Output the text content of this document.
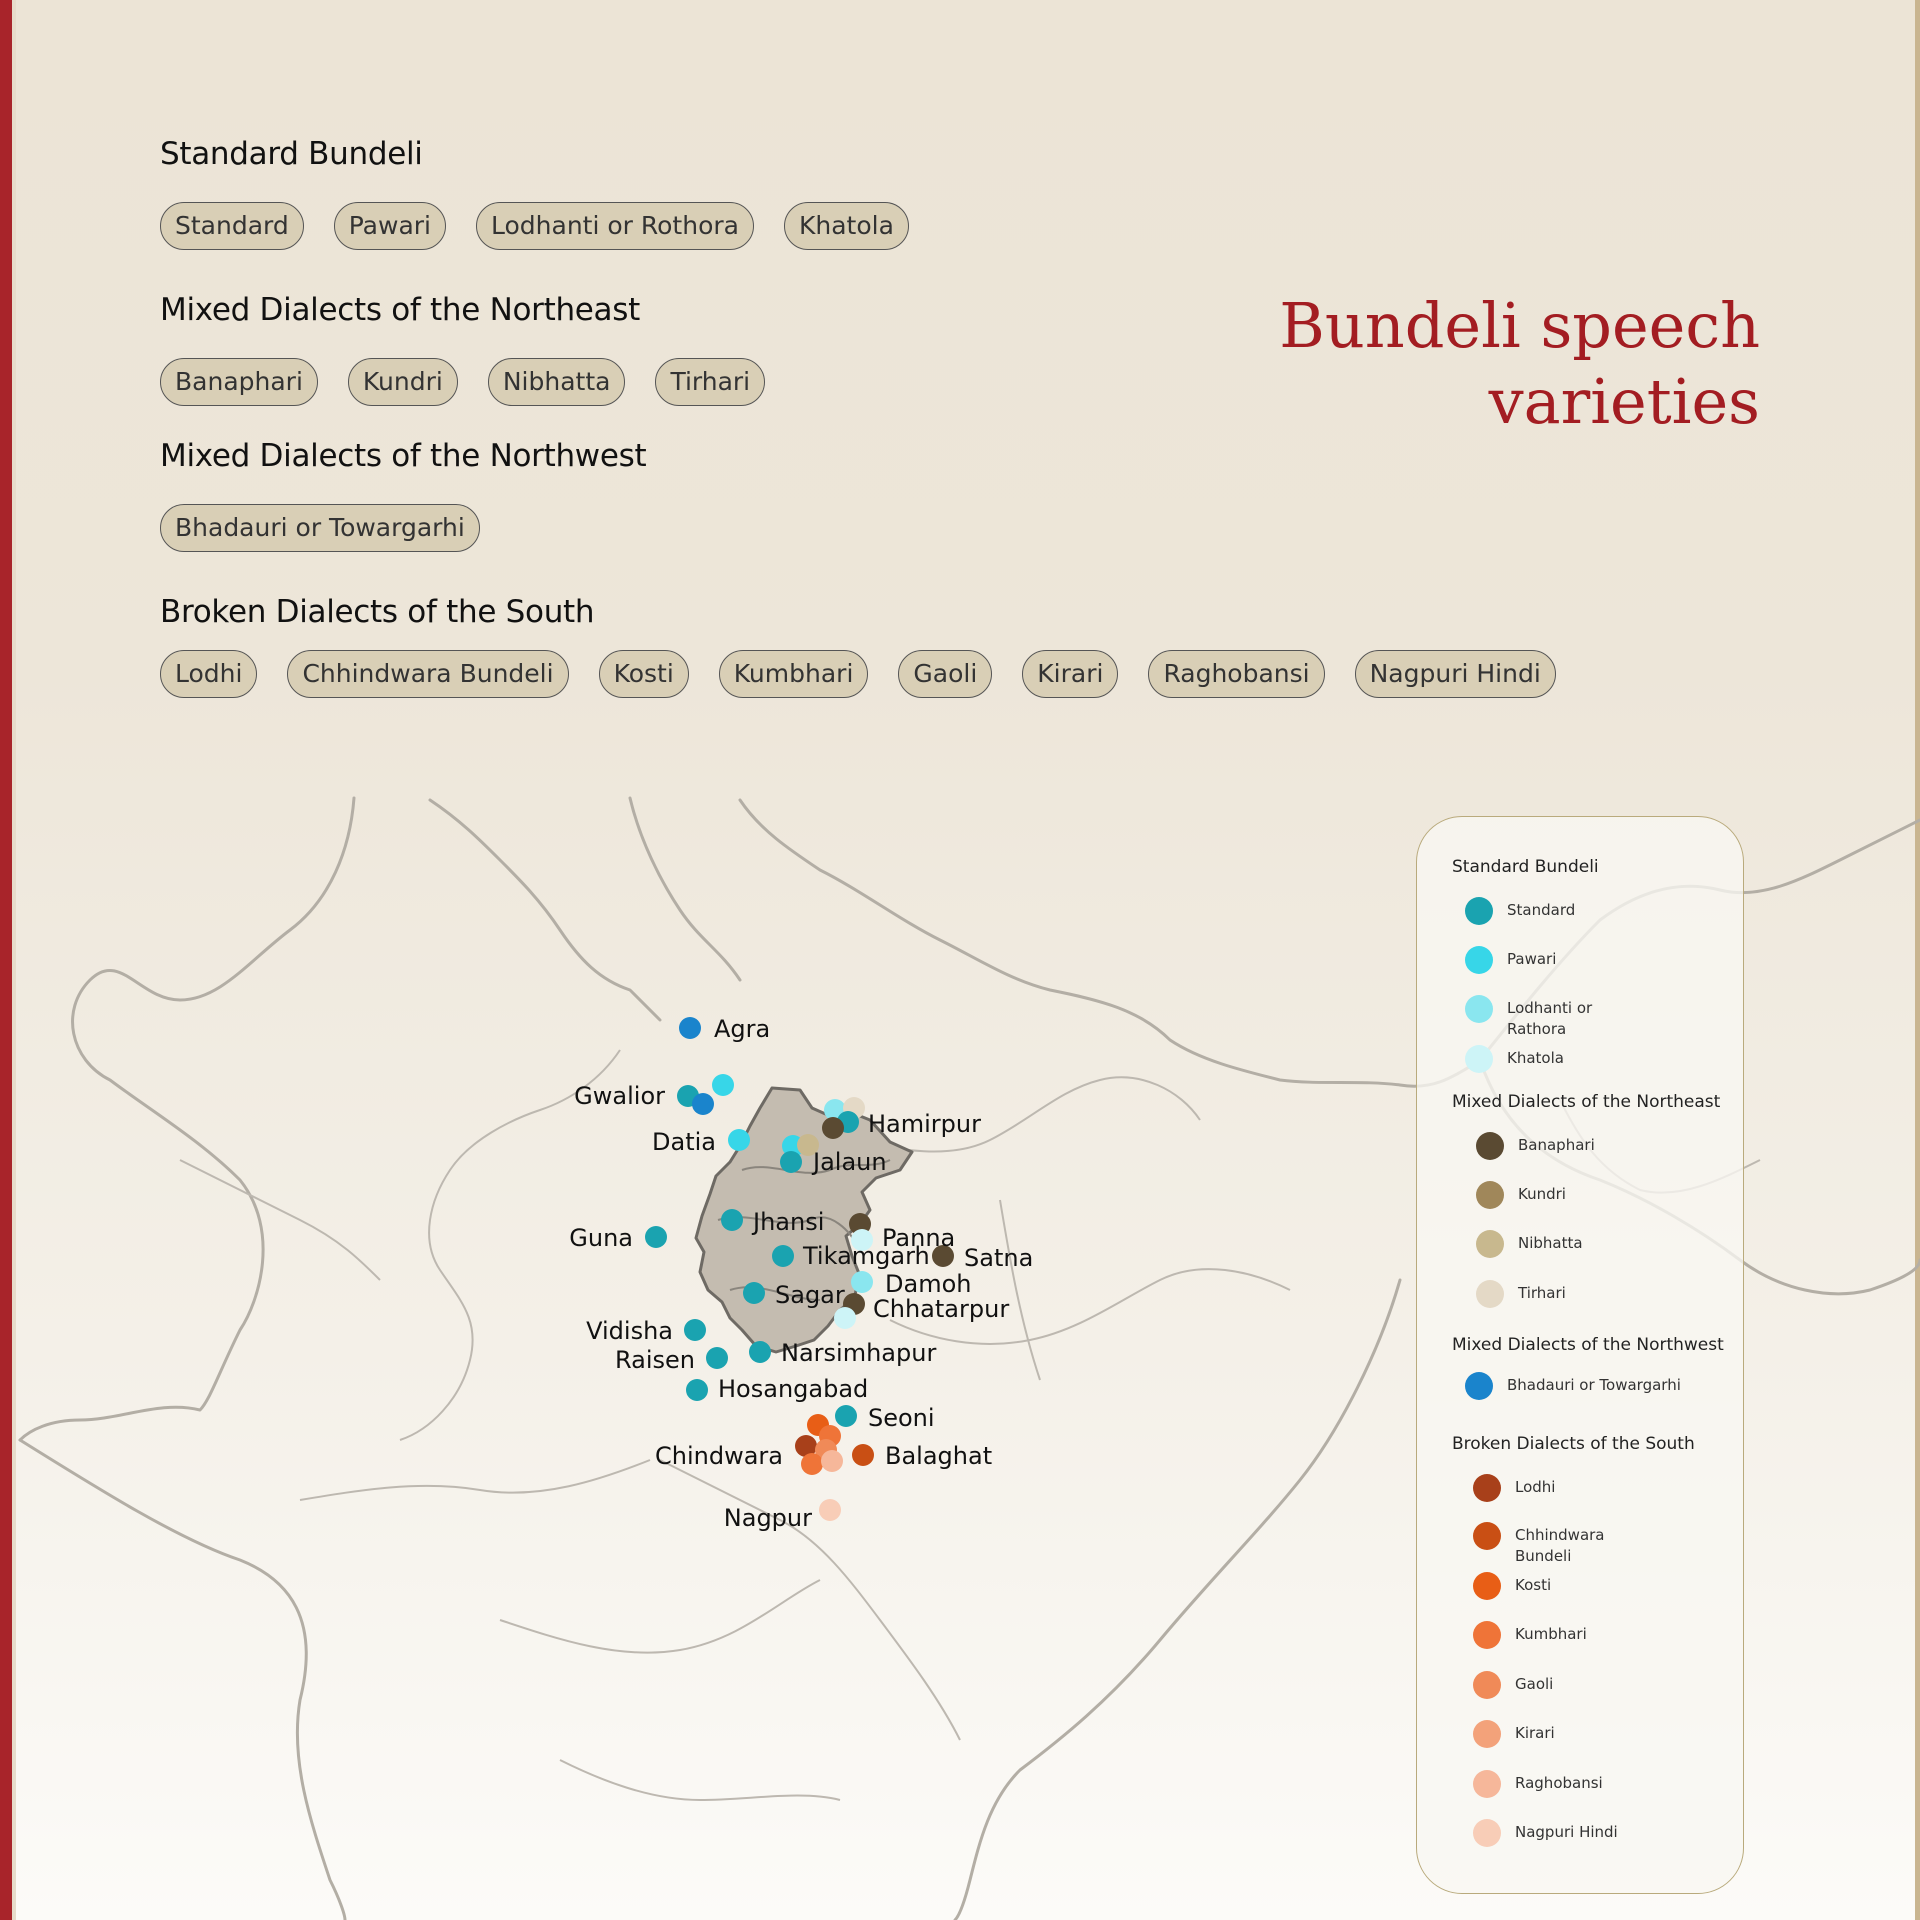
Standard Bundeli
Standard	Pawari	Lodhanti or Rothora	Khatola
Mixed Dialects of the Northeast
Banaphari	Kundri	Nibhatta	Tirhari
Mixed Dialects of the Northwest
Bhadauri or Towargarhi
Broken Dialects of the South
Lodhi	Chhindwara Bundeli	Kosti	Kumbhari	Gaoli	Kirari	Raghobansi	Nagpuri Hindi
Bundeli speech varieties
Agra
Gwalior
Datia
Hamirpur
Jalaun
Jhansi
Guna	Panna
Tikamgarh Satna
Damoh
Sagar Chhatarpur
Vidisha
Raisen	Narsimhapur
Hosangabad
Seoni
Chindwara	Balaghat
Nagpur
Standard Bundeli
Standard
Pawari
Lodhanti or Rathora
Khatola
Mixed Dialects of the Northeast
Banaphari
Kundri
Nibhatta
Tirhari
Mixed Dialects of the Northwest
Bhadauri or Towargarhi
Broken Dialects of the South
Lodhi
Chhindwara Bundeli
Kosti
Kumbhari
Gaoli
Kirari
Raghobansi
Nagpuri Hindi
